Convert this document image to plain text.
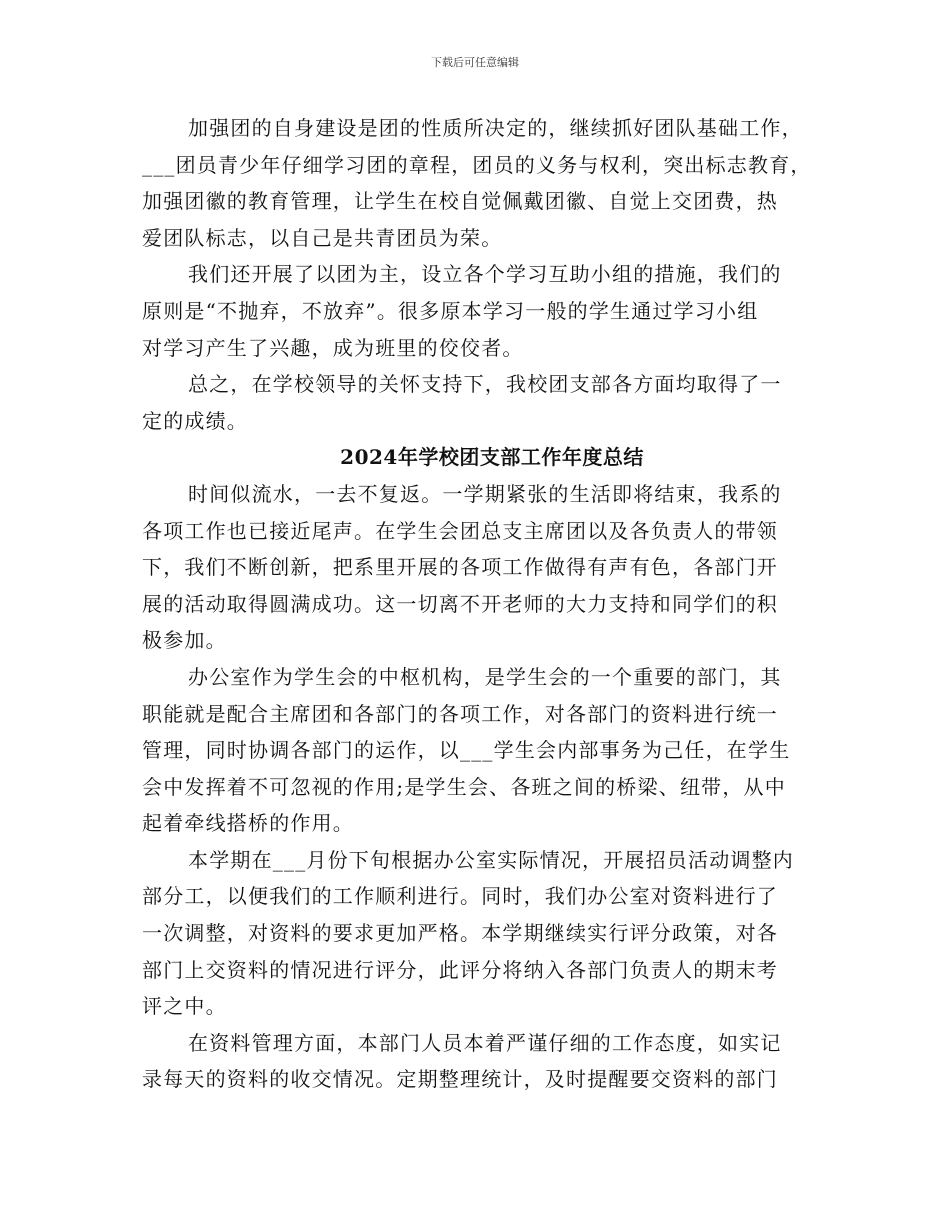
下载后可任意编辑
加强团的自身建设是团的性质所决定的，继续抓好团队基础工作，
___团员青少年仔细学习团的章程，团员的义务与权利，突出标志教育，
加强团徽的教育管理，让学生在校自觉佩戴团徽、自觉上交团费，热
爱团队标志，以自己是共青团员为荣。
我们还开展了以团为主，设立各个学习互助小组的措施，我们的
原则是“不抛弃，不放弃”。很多原本学习一般的学生通过学习小组
对学习产生了兴趣，成为班里的佼佼者。
总之，在学校领导的关怀支持下，我校团支部各方面均取得了一
定的成绩。
2024年学校团支部工作年度总结
时间似流水，一去不复返。一学期紧张的生活即将结束，我系的
各项工作也已接近尾声。在学生会团总支主席团以及各负责人的带领
下，我们不断创新，把系里开展的各项工作做得有声有色，各部门开
展的活动取得圆满成功。这一切离不开老师的大力支持和同学们的积
极参加。
办公室作为学生会的中枢机构，是学生会的一个重要的部门，其
职能就是配合主席团和各部门的各项工作，对各部门的资料进行统一
管理，同时协调各部门的运作，以___学生会内部事务为己任，在学生
会中发挥着不可忽视的作用;是学生会、各班之间的桥梁、纽带，从中
起着牵线搭桥的作用。
本学期在___月份下旬根据办公室实际情况，开展招员活动调整内
部分工，以便我们的工作顺利进行。同时，我们办公室对资料进行了
一次调整，对资料的要求更加严格。本学期继续实行评分政策，对各
部门上交资料的情况进行评分，此评分将纳入各部门负责人的期末考
评之中。
在资料管理方面，本部门人员本着严谨仔细的工作态度，如实记
录每天的资料的收交情况。定期整理统计，及时提醒要交资料的部门
